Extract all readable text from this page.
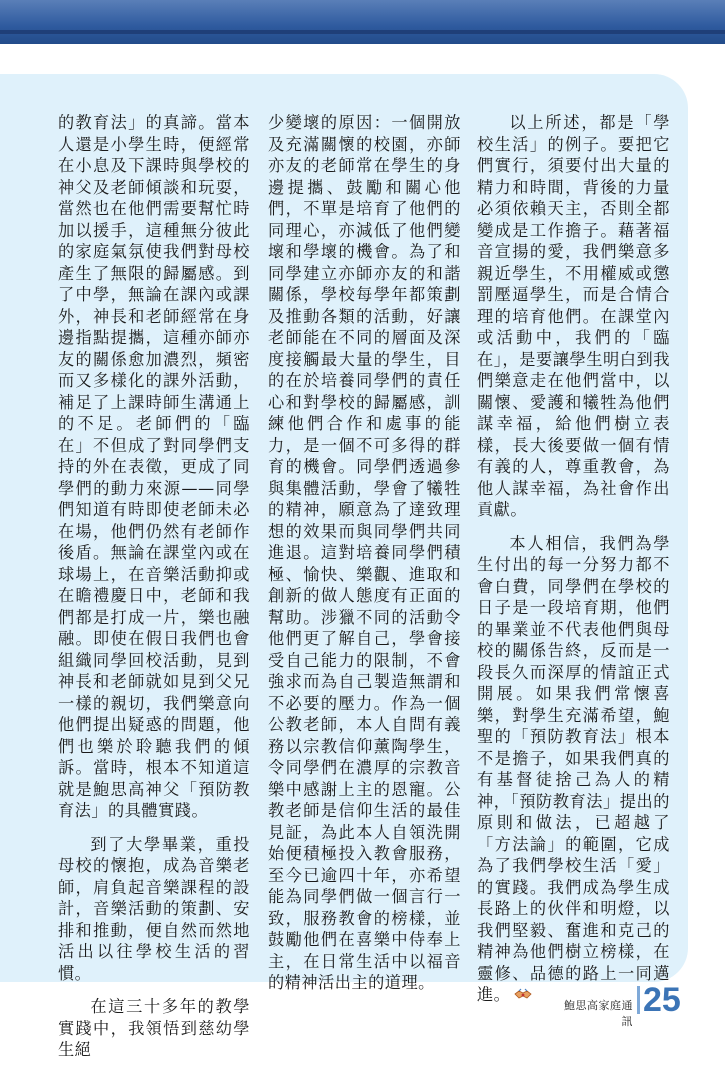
的教育法」的真諦。當本人還是小學生時，便經常在小息及下課時與學校的神父及老師傾談和玩耍，當然也在他們需要幫忙時加以援手，這種無分彼此的家庭氣氛使我們對母校產生了無限的歸屬感。到了中學，無論在課內或課外，神長和老師經常在身邊指點提攜，這種亦師亦友的關係愈加濃烈，頻密而又多樣化的課外活動，補足了上課時師生溝通上的不足。老師們的「臨在」不但成了對同學們支持的外在表徵，更成了同學們的動力來源——同學們知道有時即使老師未必在場，他們仍然有老師作後盾。無論在課堂內或在球場上，在音樂活動抑或在瞻禮慶日中，老師和我們都是打成一片，樂也融融。即使在假日我們也會組織同學回校活動，見到神長和老師就如見到父兄一樣的親切，我們樂意向他們提出疑惑的問題，他們也樂於聆聽我們的傾訴。當時，根本不知道這就是鮑思高神父「預防教育法」的具體實踐。

到了大學畢業，重投母校的懷抱，成為音樂老師，肩負起音樂課程的設計，音樂活動的策劃、安排和推動，便自然而然地活出以往學校生活的習慣。

在這三十多年的教學實踐中，我領悟到慈幼學生絕

少變壞的原因：一個開放及充滿關懷的校園，亦師亦友的老師常在學生的身邊提攜、鼓勵和關心他們，不單是培育了他們的同理心，亦減低了他們變壞和學壞的機會。為了和同學建立亦師亦友的和諧關係，學校每學年都策劃及推動各類的活動，好讓老師能在不同的層面及深度接觸最大量的學生，目的在於培養同學們的責任心和對學校的歸屬感，訓練他們合作和處事的能力，是一個不可多得的群育的機會。同學們透過參與集體活動，學會了犧牲的精神，願意為了達致理想的效果而與同學們共同進退。這對培養同學們積極、愉快、樂觀、進取和創新的做人態度有正面的幫助。涉獵不同的活動令他們更了解自己，學會接受自己能力的限制，不會強求而為自己製造無謂和不必要的壓力。作為一個公教老師，本人自問有義務以宗教信仰薰陶學生，令同學們在濃厚的宗教音樂中感謝上主的恩寵。公教老師是信仰生活的最佳見証，為此本人自領洗開始便積極投入教會服務，至今已逾四十年，亦希望能為同學們做一個言行一致，服務教會的榜樣，並鼓勵他們在喜樂中侍奉上主，在日常生活中以福音的精神活出主的道理。

以上所述，都是「學校生活」的例子。要把它們實行，須要付出大量的精力和時間，背後的力量必須依賴天主，否則全都變成是工作擔子。藉著福音宣揚的愛，我們樂意多親近學生，不用權威或懲罰壓逼學生，而是合情合理的培育他們。在課堂內或活動中，我們的「臨在」，是要讓學生明白到我們樂意走在他們當中，以關懷、愛護和犧牲為他們謀幸福，給他們樹立表樣，長大後要做一個有情有義的人，尊重教會，為他人謀幸福，為社會作出貢獻。

本人相信，我們為學生付出的每一分努力都不會白費，同學們在學校的日子是一段培育期，他們的畢業並不代表他們與母校的關係告終，反而是一段長久而深厚的情誼正式開展。如果我們常懷喜樂，對學生充滿希望，鮑聖的「預防教育法」根本不是擔子，如果我們真的有基督徒捨己為人的精神，「預防教育法」提出的原則和做法，已超越了「方法論」的範圍，它成為了我們學校生活「愛」的實踐。我們成為學生成長路上的伙伴和明燈，以我們堅毅、奮進和克己的精神為他們樹立榜樣，在靈修、品德的路上一同邁進。

鮑思高家庭通訊
25
